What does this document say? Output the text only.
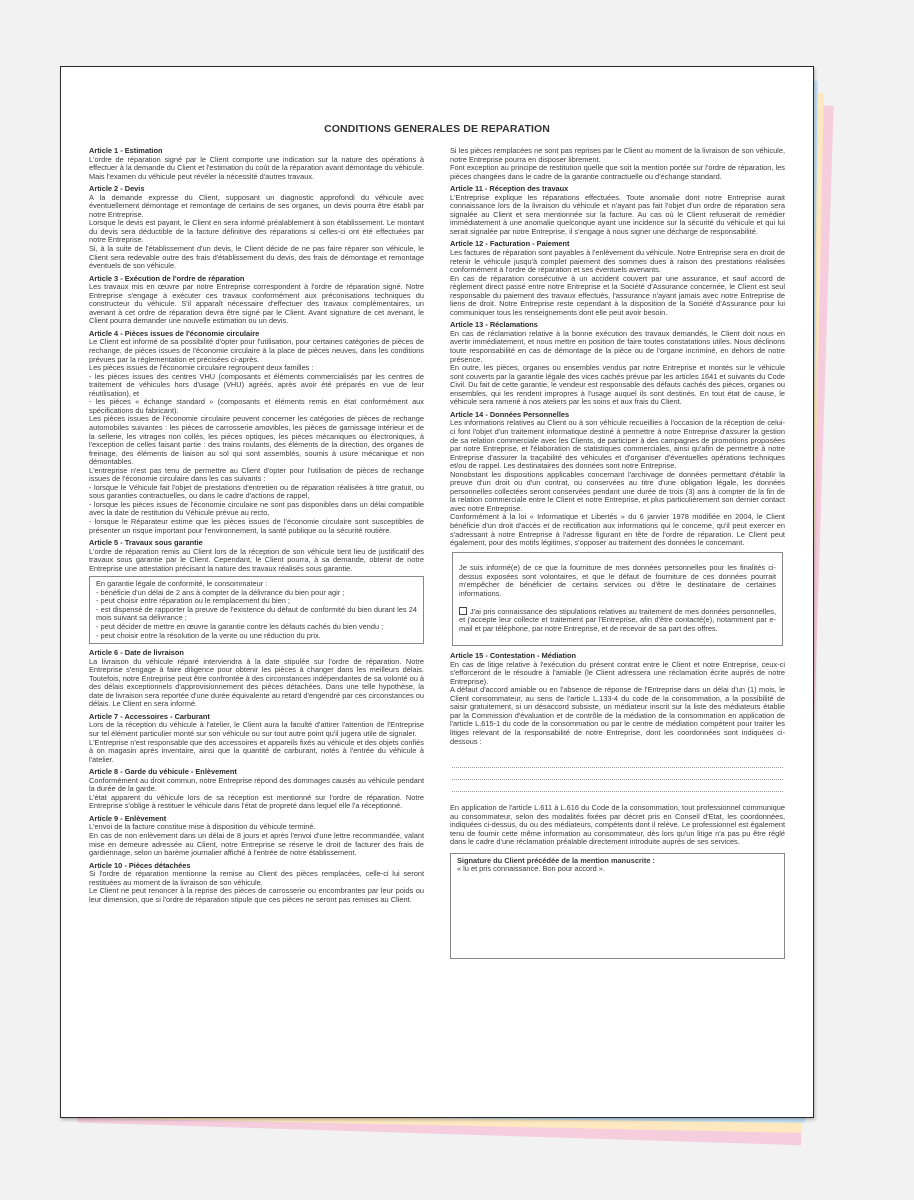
CONDITIONS GENERALES DE REPARATION
Article 1 - Estimation
L'ordre de réparation signé par le Client comporte une indication sur la nature des opérations à effectuer à la demande du Client et l'estimation du coût de la réparation avant démontage du véhicule. Mais l'examen du véhicule peut révéler la nécessité d'autres travaux.
Article 2 - Devis
A la demande expresse du Client, supposant un diagnostic approfondi du véhicule avec éventuellement démontage et remontage de certains de ses organes, un devis pourra être établi par notre Entreprise.
Lorsque le devis est payant, le Client en sera informé préalablement à son établissement. Le montant du devis sera déductible de la facture définitive des réparations si celles-ci ont été effectuées par notre Entreprise.
Si, à la suite de l'établissement d'un devis, le Client décide de ne pas faire réparer son véhicule, le Client sera redevable outre des frais d'établissement du devis, des frais de démontage et remontage éventuels de son véhicule.
Article 3 - Exécution de l'ordre de réparation
Les travaux mis en œuvre par notre Entreprise correspondent à l'ordre de réparation signé. Notre Entreprise s'engage à exécuter ces travaux conformément aux préconisations techniques du constructeur du véhicule. S'il apparaît nécessaire d'effectuer des travaux complémentaires, un avenant à cet ordre de réparation devra être signé par le Client. Avant signature de cet avenant, le Client pourra demander une nouvelle estimation ou un devis.
Article 4 - Pièces issues de l'économie circulaire
Le Client est informé de sa possibilité d'opter pour l'utilisation, pour certaines catégories de pièces de rechange, de pièces issues de l'économie circulaire à la place de pièces neuves, dans les conditions prévues par la réglementation et précisées ci-après.
Les pièces issues de l'économie circulaire regroupent deux familles :
- les pièces issues des centres VHU (composants et éléments commercialisés par les centres de traitement de véhicules hors d'usage (VHU) agréés, après avoir été préparés en vue de leur réutilisation), et
- les pièces « échange standard » (composants et éléments remis en état conformément aux spécifications du fabricant).
Les pièces issues de l'économie circulaire peuvent concerner les catégories de pièces de rechange automobiles suivantes : les pièces de carrosserie amovibles, les pièces de garnissage intérieur et de la sellerie, les vitrages non collés, les pièces optiques, les pièces mécaniques ou électroniques, à l'exception de celles faisant partie : des trains roulants, des éléments de la direction, des organes de freinage, des éléments de liaison au sol qui sont assemblés, soumis à usure mécanique et non démontables.
L'entreprise n'est pas tenu de permettre au Client d'opter pour l'utilisation de pièces de rechange issues de l'économie circulaire dans les cas suivants :
- lorsque le Véhicule fait l'objet de prestations d'entretien ou de réparation réalisées à titre gratuit, ou sous garanties contractuelles, ou dans le cadre d'actions de rappel,
- lorsque les pièces issues de l'économie circulaire ne sont pas disponibles dans un délai compatible avec la date de restitution du Véhicule prévue au recto,
- lorsque le Réparateur estime que les pièces issues de l'économie circulaire sont susceptibles de présenter un risque important pour l'environnement, la santé publique ou la sécurité routière.
Article 5 - Travaux sous garantie
L'ordre de réparation remis au Client lors de la réception de son véhicule tient lieu de justificatif des travaux sous garantie par le Client. Cependant, le Client pourra, à sa demande, obtenir de notre Entreprise une attestation précisant la nature des travaux réalisés sous garantie.
En garantie légale de conformité, le consommateur :
- bénéficie d'un délai de 2 ans à compter de la délivrance du bien pour agir ;
- peut choisir entre réparation ou le remplacement du bien ;
- est dispensé de rapporter la preuve de l'existence du défaut de conformité du bien durant les 24 mois suivant sa délivrance ;
- peut décider de mettre en œuvre la garantie contre les défauts cachés du bien vendu ;
- peut choisir entre la résolution de la vente ou une réduction du prix.
Article 6 - Date de livraison
La livraison du véhicule réparé interviendra à la date stipulée sur l'ordre de réparation. Notre Entreprise s'engage à faire diligence pour obtenir les pièces à changer dans les meilleurs délais. Toutefois, notre Entreprise peut être confrontée à des circonstances indépendantes de sa volonté ou à des délais exceptionnels d'approvisionnement des pièces détachées. Dans une telle hypothèse, la date de livraison sera reportée d'une durée équivalente au retard d'engendré par ces circonstances ou délais. Le Client en sera informé.
Article 7 - Accessoires - Carburant
Lors de la réception du véhicule à l'atelier, le Client aura la faculté d'attirer l'attention de l'Entreprise sur tel élément particulier monté sur son véhicule ou sur tout autre point qu'il jugera utile de signaler.
L'Entreprise n'est responsable que des accessoires et appareils fixés au véhicule et des objets confiés à on magasin après inventaire, ainsi que la quantité de carburant, notés à l'entrée du véhicule à l'atelier.
Article 8 - Garde du véhicule - Enlèvement
Conformément au droit commun, notre Entreprise répond des dommages causés au véhicule pendant la durée de la garde.
L'état apparent du véhicule lors de sa réception est mentionné sur l'ordre de réparation. Notre Entreprise s'oblige à restituer le véhicule dans l'état de propreté dans lequel elle l'a réceptionné.
Article 9 - Enlèvement
L'envoi de la facture constitue mise à disposition du véhicule terminé.
En cas de non enlèvement dans un délai de 8 jours et après l'envoi d'une lettre recommandée, valant mise en demeure adressée au Client, notre Entreprise se réserve le droit de facturer des frais de gardiennage, selon un barème journalier affiché à l'entrée de notre établissement.
Article 10 - Pièces détachées
Si l'ordre de réparation mentionne la remise au Client des pièces remplacées, celle-ci lui seront restituées au moment de la livraison de son véhicule.
Le Client ne peut renoncer à la reprise des pièces de carrosserie ou encombrantes par leur poids ou leur dimension, que si l'ordre de réparation stipule que ces pièces ne seront pas remises au Client.
Si les pièces remplacées ne sont pas reprises par le Client au moment de la livraison de son véhicule, notre Entreprise pourra en disposer librement.
Font exception au principe de restitution quelle que soit la mention portée sur l'ordre de réparation, les pièces changées dans le cadre de la garantie contractuelle ou d'échange standard.
Article 11 - Réception des travaux
L'Entreprise explique les réparations effectuées. Toute anomalie dont notre Entreprise aurait connaissance lors de la livraison du véhicule et n'ayant pas fait l'objet d'un ordre de réparation sera signalée au Client et sera mentionnée sur la facture. Au cas où le Client refuserait de remédier immédiatement à une anomalie quelconque ayant une incidence sur la sécurité du véhicule et qui lui serait signalée par notre Entreprise, il s'engage à nous signer une décharge de responsabilité.
Article 12 - Facturation - Paiement
Les factures de réparation sont payables à l'enlèvement du véhicule. Notre Entreprise sera en droit de retenir le véhicule jusqu'à complet paiement des sommes dues à raison des prestations réalisées conformément à l'ordre de réparation et ses éventuels avenants.
En cas de réparation consécutive à un accident couvert par une assurance, et sauf accord de règlement direct passé entre notre Entreprise et la Société d'Assurance concernée, le Client est seul responsable du paiement des travaux effectués, l'assurance n'ayant jamais avec notre Entreprise de liens de droit. Notre Entreprise reste cependant à la disposition de la Société d'Assurance pour lui communiquer tous les renseignements dont elle peut avoir besoin.
Article 13 - Réclamations
En cas de réclamation relative à la bonne exécution des travaux demandés, le Client doit nous en avertir immédiatement, et nous mettre en position de faire toutes constatations utiles. Nous déclinons toute responsabilité en cas de démontage de la pièce ou de l'organe incriminé, en dehors de notre présence.
En outre, les pièces, organes ou ensembles vendus par notre Entreprise et montés sur le véhicule sont couverts par la garantie légale des vices cachés prévue par les articles 1641 et suivants du Code Civil. Du fait de cette garantie, le vendeur est responsable des défauts cachés des pièces, organes ou ensembles, qui les rendent impropres à l'usage auquel ils sont destinés. En tout état de cause, le véhicule sera ramené à nos ateliers par les soins et aux frais du Client.
Article 14 - Données Personnelles
Les informations relatives au Client ou à son véhicule recueillies à l'occasion de la réception de celui-ci font l'objet d'un traitement informatique destiné à permettre à notre Entreprise d'assurer la gestion de sa relation commerciale avec les Clients, de participer à des campagnes de promotions proposées par notre Entreprise, et l'élaboration de statistiques commerciales, ainsi qu'afin de permettre à notre Entreprise d'assurer la traçabilité des véhicules et d'organiser d'éventuelles opérations techniques et/ou de rappel. Les destinataires des données sont notre Entreprise.
Nonobstant les dispositions applicables concernant l'archivage de données permettant d'établir la preuve d'un droit ou d'un contrat, ou conservées au titre d'une obligation légale, les données personnelles collectées seront conservées pendant une durée de trois (3) ans à compter de la fin de la relation commerciale entre le Client et notre Entreprise, et plus particulièrement son dernier contact avec notre Entreprise.
Conformément à la loi « Informatique et Libertés » du 6 janvier 1978 modifiée en 2004, le Client bénéficie d'un droit d'accès et de rectification aux informations qui le concerne, qu'il peut exercer en s'adressant à notre Entreprise à l'adresse figurant en tête de l'ordre de réparation. Le Client peut également, pour des motifs légitimes, s'opposer au traitement des données le concernant.

Je suis informé(e) de ce que la fourniture de mes données personnelles pour les finalités ci-dessus exposées sont volontaires, et que le défaut de fourniture de ces données pourrait m'empêcher de bénéficier de certains services ou d'être le destinataire de certaines informations.

J'ai pris connaissance des stipulations relatives au traitement de mes données personnelles, et j'accepte leur collecte et traitement par l'Entreprise, afin d'être contacté(e), notamment par e-mail et par téléphone, par notre Entreprise, et de recevoir de sa part des offres.

Article 15 - Contestation - Médiation
En cas de litige relative à l'exécution du présent contrat entre le Client et notre Entreprise, ceux-ci s'efforceront de le résoudre à l'amiable (le Client adressera une réclamation écrite auprès de notre Entreprise).
A défaut d'accord amiable ou en l'absence de réponse de l'Entreprise dans un délai d'un (1) mois, le Client consommateur, au sens de l'article L.133-4 du code de la consommation, a la possibilité de saisir gratuitement, si un désaccord subsiste, un médiateur inscrit sur la liste des médiateurs établie par la Commission d'évaluation et de contrôle de la médiation de la consommation en application de l'article L.615-1 du code de la consommation ou par le centre de médiation compétent pour traiter les litiges relevant de la responsabilité de notre Entreprise, dont les coordonnées sont indiquées ci-dessous :
En application de l'article L.611 à L.616 du Code de la consommation, tout professionnel communique au consommateur, selon des modalités fixées par décret pris en Conseil d'Etat, les coordonnées, indiquées ci-dessus, du ou des médiateurs, compétents dont il relève. Le professionnel est également tenu de fournir cette même information au consommateur, dès lors qu'un litige n'a pas pu être réglé dans le cadre d'une réclamation préalable directement introduite auprès de ses services.
Signature du Client précédée de la mention manuscrite :
« lu et pris connaissance. Bon pour accord ».
